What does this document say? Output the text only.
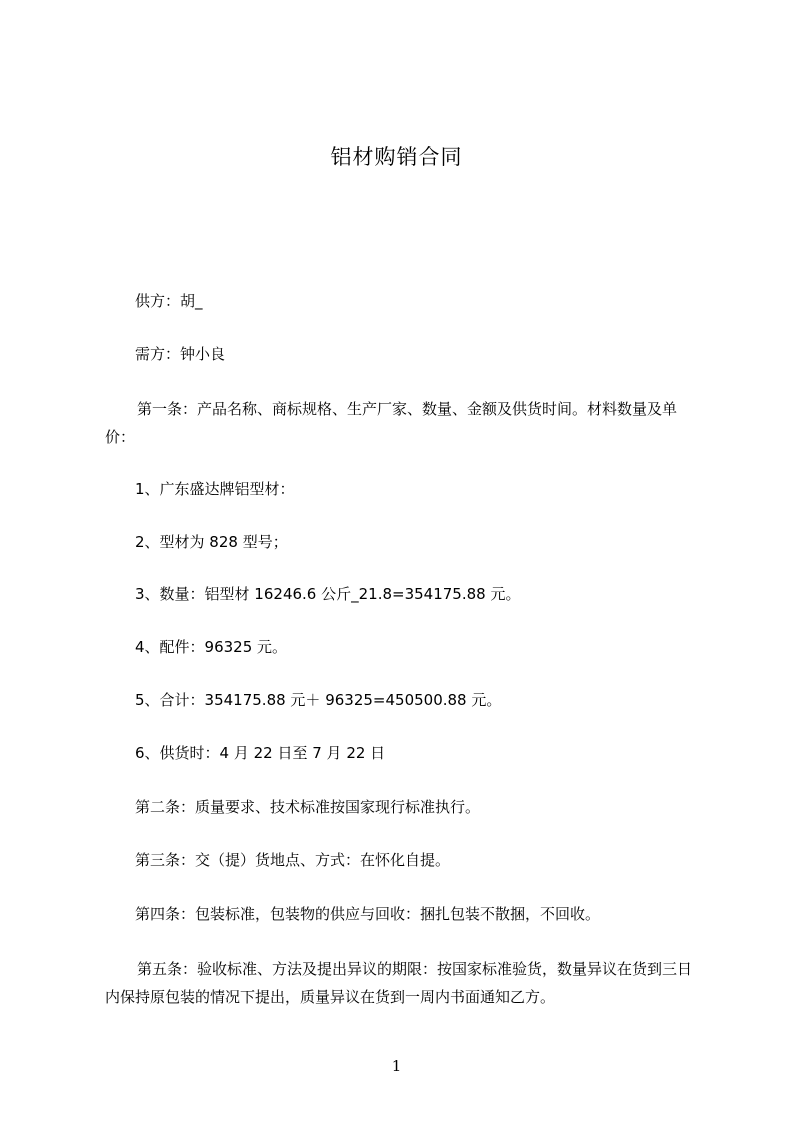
铝材购销合同
供方：胡_
需方：钟小良
第一条：产品名称、商标规格、生产厂家、数量、金额及供货时间。材料数量及单价：
1、广东盛达牌铝型材：
2、型材为 828 型号；
3、数量：铝型材 16246.6 公斤_21.8=354175.88 元。
4、配件：96325 元。
5、合计：354175.88 元＋ 96325=450500.88 元。
6、供货时：4 月 22 日至 7 月 22 日
第二条：质量要求、技术标准按国家现行标准执行。
第三条：交（提）货地点、方式：在怀化自提。
第四条：包装标准，包装物的供应与回收：捆扎包装不散捆，不回收。
第五条：验收标准、方法及提出异议的期限：按国家标准验货，数量异议在货到三日内保持原包装的情况下提出，质量异议在货到一周内书面通知乙方。
1
